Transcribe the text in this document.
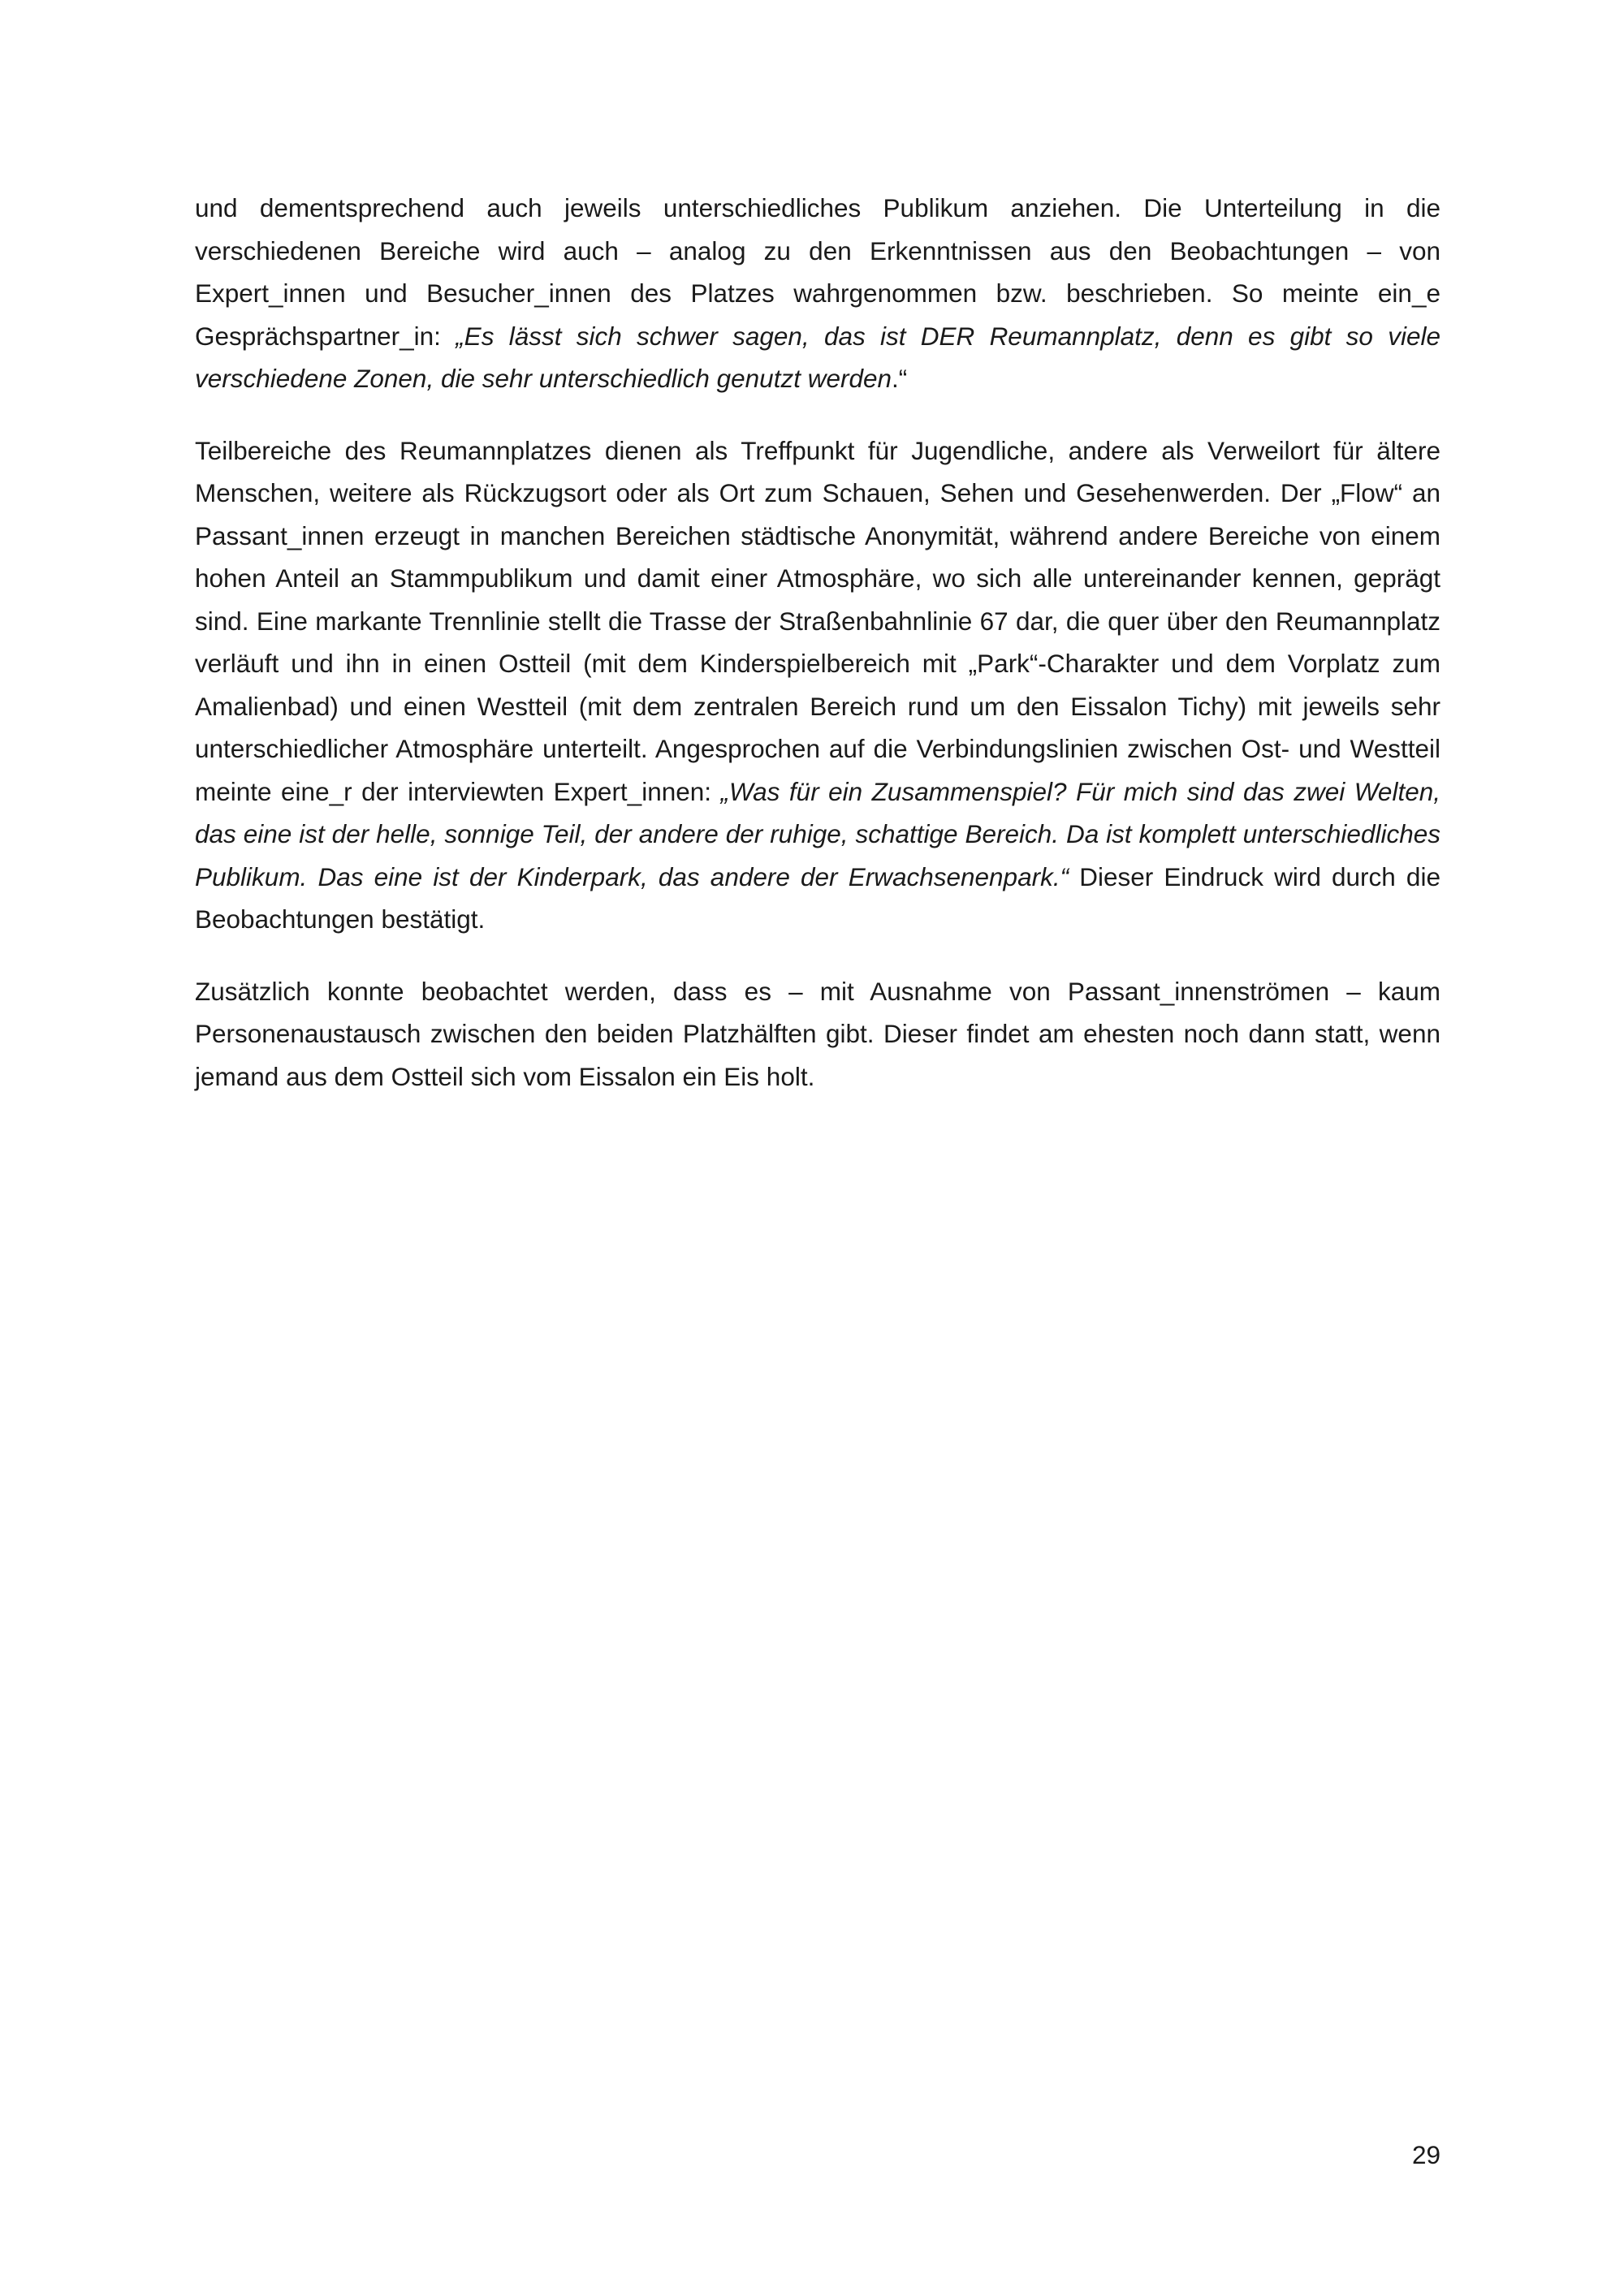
und dementsprechend auch jeweils unterschiedliches Publikum anziehen. Die Unterteilung in die verschiedenen Bereiche wird auch – analog zu den Erkenntnissen aus den Beobachtungen – von Expert_innen und Besucher_innen des Platzes wahrgenommen bzw. beschrieben. So meinte ein_e Gesprächspartner_in: „Es lässt sich schwer sagen, das ist DER Reumannplatz, denn es gibt so viele verschiedene Zonen, die sehr unterschiedlich genutzt werden.“

Teilbereiche des Reumannplatzes dienen als Treffpunkt für Jugendliche, andere als Verweilort für ältere Menschen, weitere als Rückzugsort oder als Ort zum Schauen, Sehen und Gesehenwerden. Der „Flow“ an Passant_innen erzeugt in manchen Bereichen städtische Anonymität, während andere Bereiche von einem hohen Anteil an Stammpublikum und damit einer Atmosphäre, wo sich alle untereinander kennen, geprägt sind. Eine markante Trennlinie stellt die Trasse der Straßenbahnlinie 67 dar, die quer über den Reumannplatz verläuft und ihn in einen Ostteil (mit dem Kinderspielbereich mit „Park“-Charakter und dem Vorplatz zum Amalienbad) und einen Westteil (mit dem zentralen Bereich rund um den Eissalon Tichy) mit jeweils sehr unterschiedlicher Atmosphäre unterteilt. Angesprochen auf die Verbindungslinien zwischen Ost- und Westteil meinte eine_r der interviewten Expert_innen: „Was für ein Zusammenspiel? Für mich sind das zwei Welten, das eine ist der helle, sonnige Teil, der andere der ruhige, schattige Bereich. Da ist komplett unterschiedliches Publikum. Das eine ist der Kinderpark, das andere der Erwachsenenpark.“ Dieser Eindruck wird durch die Beobachtungen bestätigt.

Zusätzlich konnte beobachtet werden, dass es – mit Ausnahme von Passant_innenströmen – kaum Personenaustausch zwischen den beiden Platzhälften gibt. Dieser findet am ehesten noch dann statt, wenn jemand aus dem Ostteil sich vom Eissalon ein Eis holt.

29
